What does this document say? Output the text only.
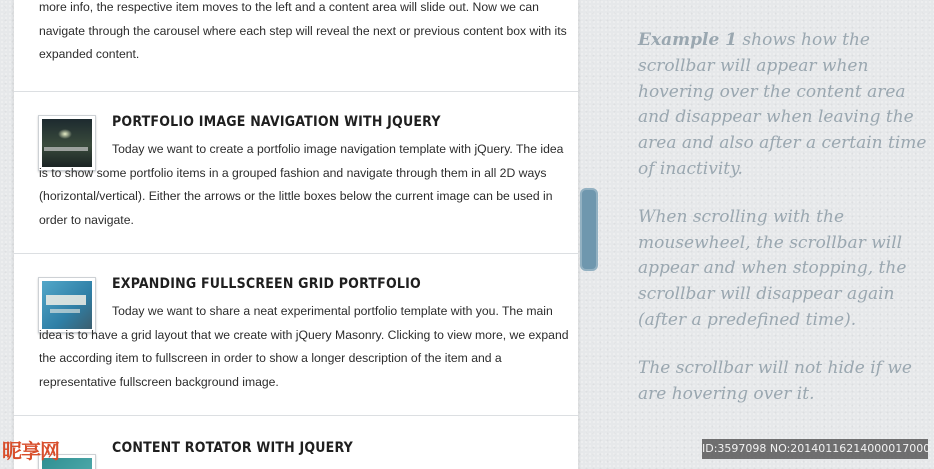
more info, the respective item moves to the left and a content area will slide out. Now we can navigate through the carousel where each step will reveal the next or previous content box with its expanded content.

PORTFOLIO IMAGE NAVIGATION WITH JQUERY

Today we want to create a portfolio image navigation template with jQuery. The idea is to show some portfolio items in a grouped fashion and navigate through them in all 2D ways (horizontal/vertical). Either the arrows or the little boxes below the current image can be used in order to navigate.

EXPANDING FULLSCREEN GRID PORTFOLIO

Today we want to share a neat experimental portfolio template with you. The main idea is to have a grid layout that we create with jQuery Masonry. Clicking to view more, we expand the according item to fullscreen in order to show a longer description of the item and a representative fullscreen background image.

CONTENT ROTATOR WITH JQUERY

Example 1 shows how the scrollbar will appear when hovering over the content area and disappear when leaving the area and also after a certain time of inactivity.

When scrolling with the mousewheel, the scrollbar will appear and when stopping, the scrollbar will disappear again (after a predefined time).

The scrollbar will not hide if we are hovering over it.

昵享网	ID:3597098 NO:20140116214000017000
